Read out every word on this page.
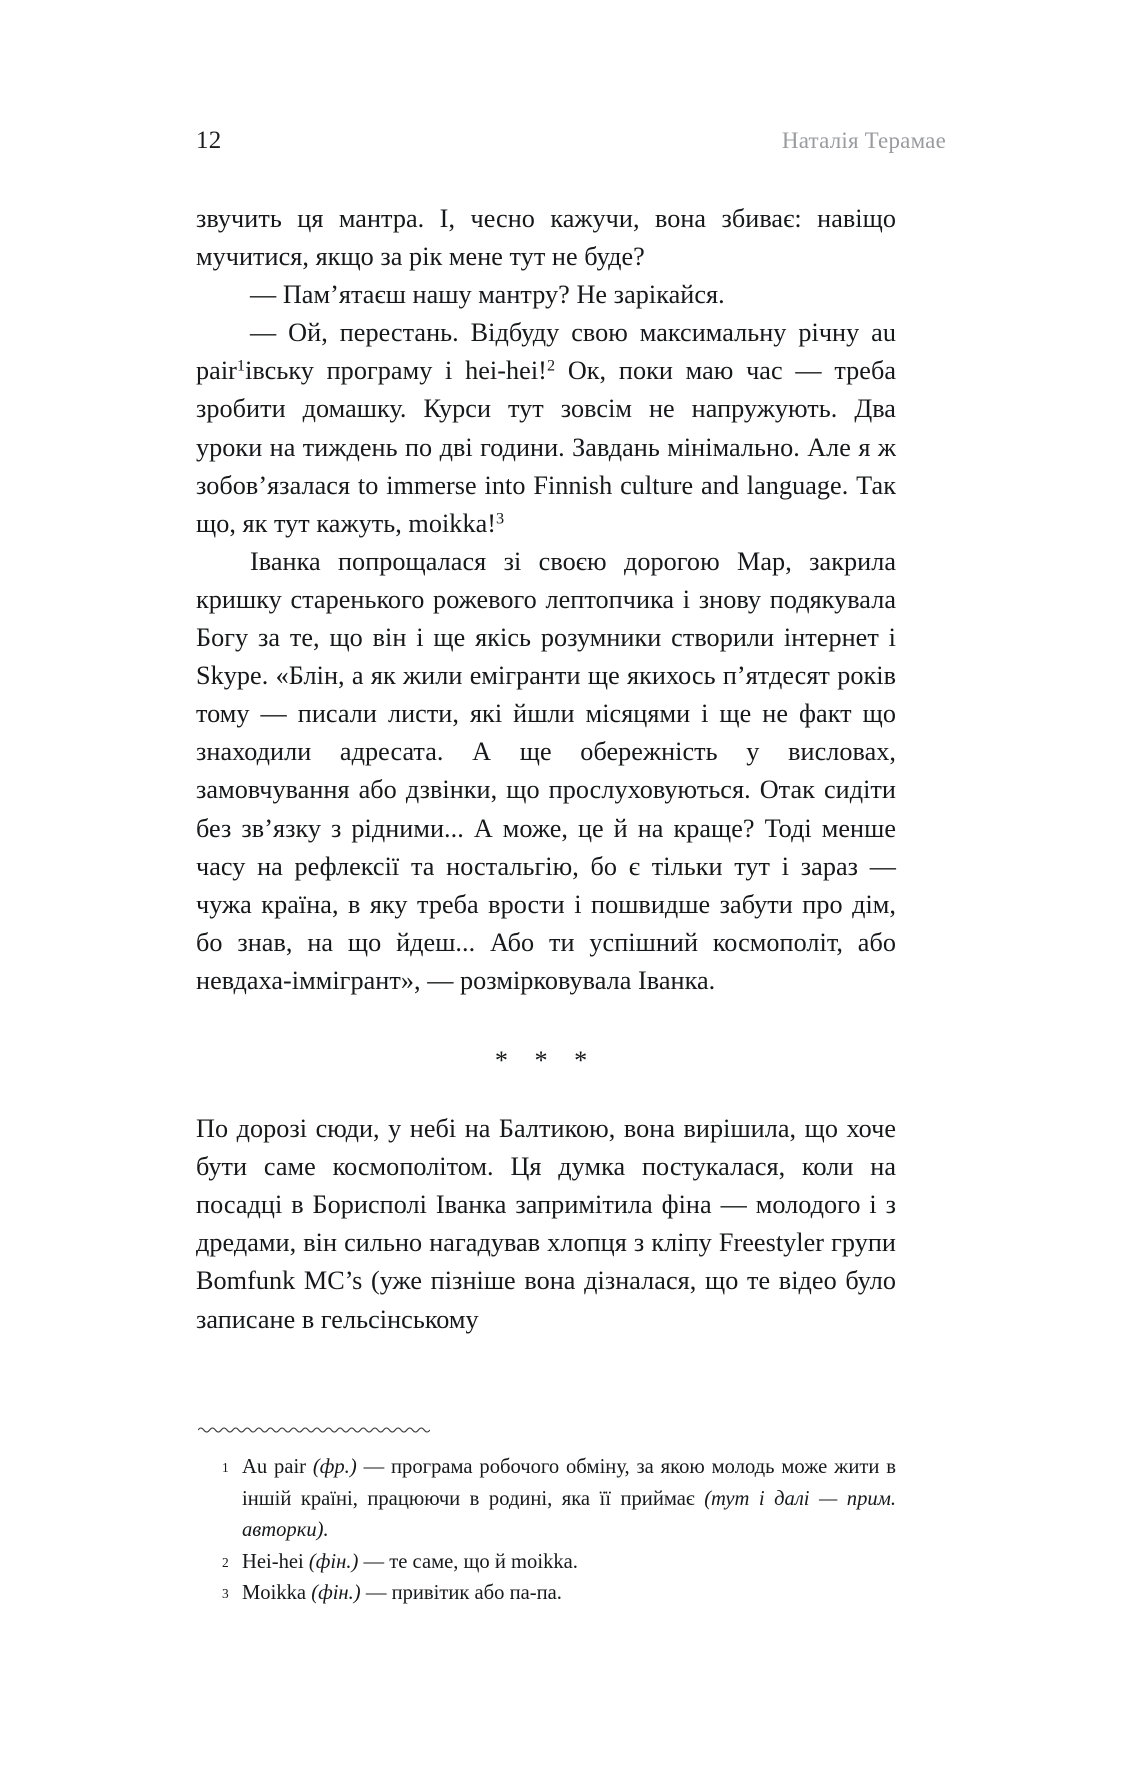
12	Наталія Терамае

звучить ця мантра. І, чесно кажучи, вона збиває: навіщо мучитися, якщо за рік мене тут не буде?

— Пам’ятаєш нашу мантру? Не зарікайся.

— Ой, перестань. Відбуду свою максимальну річну au pair$^1$івську програму і hei-hei!$^2$ Ок, поки маю час — треба зробити домашку. Курси тут зовсім не напружують. Два уроки на тиждень по дві години. Завдань мінімально. Але я ж зобов’язалася to immerse into Finnish culture and language. Так що, як тут кажуть, moikka!$^3$

Іванка попрощалася зі своєю дорогою Мар, закрила кришку старенького рожевого лептопчика і знову подякувала Богу за те, що він і ще якісь розумники створили інтернет і Skype. «Блін, а як жили емігранти ще якихось п’ятдесят років тому — писали листи, які йшли місяцями і ще не факт що знаходили адресата. А ще обережність у висловах, замовчування або дзвінки, що прослуховуються. Отак сидіти без зв’язку з рідними... А може, це й на краще? Тоді менше часу на рефлексії та ностальгію, бо є тільки тут і зараз — чужа країна, в яку треба врости і пошвидше забути про дім, бо знав, на що йдеш... Або ти успішний космополіт, або невдаха-іммігрант», — розмірковувала Іванка.

* * *

По дорозі сюди, у небі на Балтикою, вона вирішила, що хоче бути саме космополітом. Ця думка постукалася, коли на посадці в Борисполі Іванка запримітила фіна — молодого і з дредами, він сильно нагадував хлопця з кліпу Freestyler групи Bomfunk MC’s (уже пізніше вона дізналася, що те відео було записане в гельсінському

1 Au pair (фр.) — програма робочого обміну, за якою молодь може жити в іншій країні, працюючи в родині, яка її приймає (тут і далі — прим. авторки).
2 Hei-hei (фін.) — те саме, що й moikka.
3 Moikka (фін.) — привітик або па-па.
